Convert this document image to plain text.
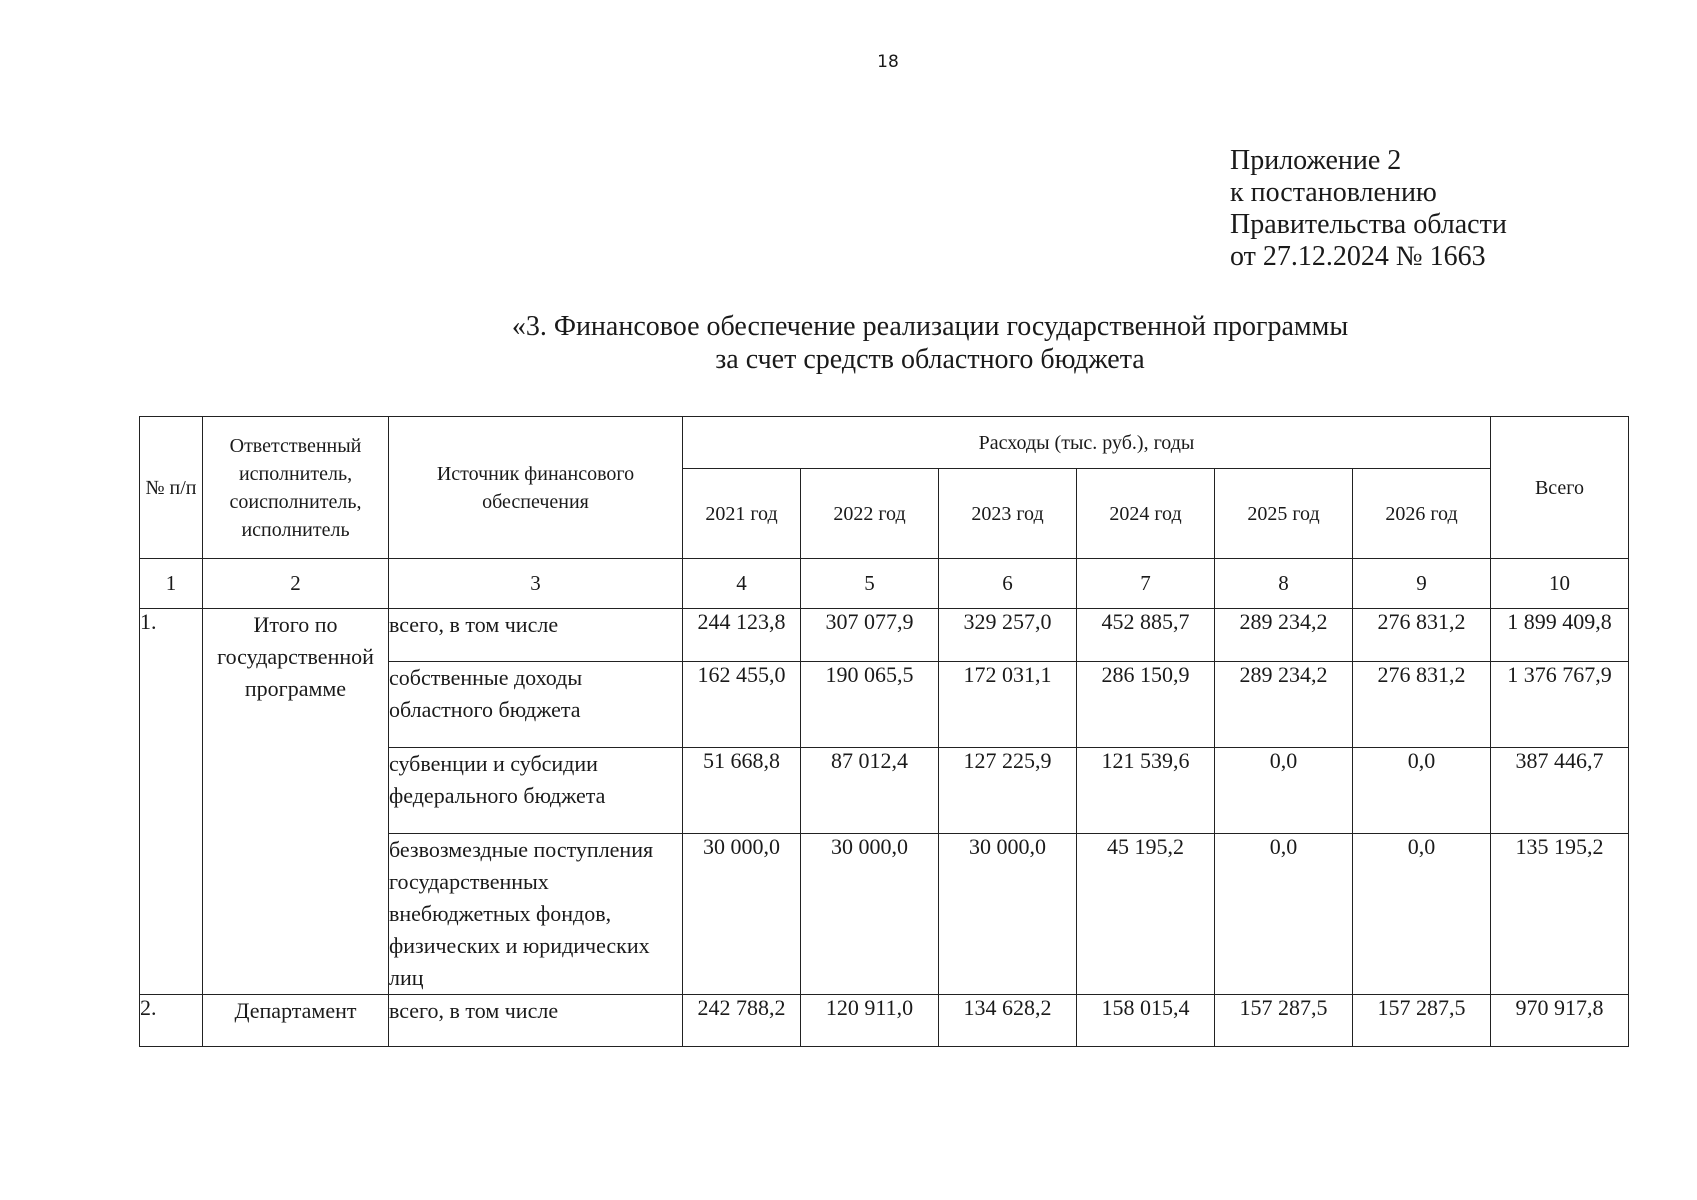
18
Приложение 2
к постановлению
Правительства области
от 27.12.2024 № 1663
«3. Финансовое обеспечение реализации государственной программы
за счет средств областного бюджета
№ п/п	Ответственный исполнитель, соисполнитель, исполнитель	Источник финансового обеспечения	Расходы (тыс. руб.), годы						Всего
			2021 год	2022 год	2023 год	2024 год	2025 год	2026 год	
1	2	3	4	5	6	7	8	9	10
1.	Итого по государственной программе	всего, в том числе	244 123,8	307 077,9	329 257,0	452 885,7	289 234,2	276 831,2	1 899 409,8
		собственные доходы областного бюджета	162 455,0	190 065,5	172 031,1	286 150,9	289 234,2	276 831,2	1 376 767,9
		субвенции и субсидии федерального бюджета	51 668,8	87 012,4	127 225,9	121 539,6	0,0	0,0	387 446,7
		безвозмездные поступления государственных внебюджетных фондов, физических и юридических лиц	30 000,0	30 000,0	30 000,0	45 195,2	0,0	0,0	135 195,2
2.	Департамент	всего, в том числе	242 788,2	120 911,0	134 628,2	158 015,4	157 287,5	157 287,5	970 917,8
